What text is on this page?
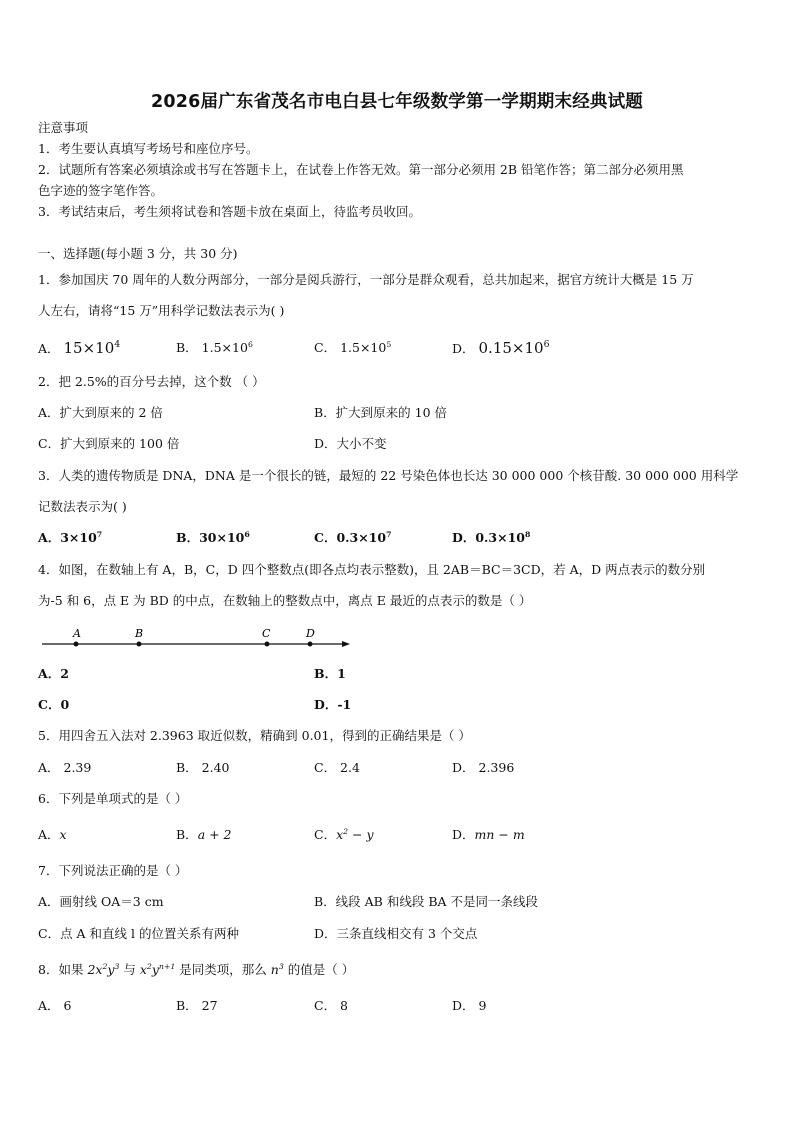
2026届广东省茂名市电白县七年级数学第一学期期末经典试题
注意事项
1．考生要认真填写考场号和座位序号。
2．试题所有答案必须填涂或书写在答题卡上，在试卷上作答无效。第一部分必须用 2B 铅笔作答；第二部分必须用黑
色字迹的签字笔作答。
3．考试结束后，考生须将试卷和答题卡放在桌面上，待监考员收回。
一、选择题(每小题 3 分，共 30 分)
1．参加国庆 70 周年的人数分两部分，一部分是阅兵游行，一部分是群众观看，总共加起来，据官方统计大概是 15 万
人左右，请将“15 万”用科学记数法表示为( )
A． $15\times 10^4$	B． $1.5\times 10^6$	C． $1.5\times 10^5$	D． $0.15\times 10^6$
2．把 2.5%的百分号去掉，这个数 （ ）
A．扩大到原来的 2 倍	B．扩大到原来的 10 倍
C．扩大到原来的 100 倍	D．大小不变
3．人类的遗传物质是 DNA，DNA 是一个很长的链，最短的 22 号染色体也长达 30 000 000 个核苷酸. 30 000 000 用科学
记数法表示为( )
A．$3\times 10^7$	B．$30\times 10^6$	C．$0.3\times 10^7$	D．$0.3\times 10^8$
4．如图，在数轴上有 A，B，C，D 四个整数点(即各点均表示整数)，且 2AB＝BC＝3CD，若 A，D 两点表示的数分别
为-5 和 6，点 E 为 BD 的中点，在数轴上的整数点中，离点 E 最近的点表示的数是（ ）
A	B	C	D
A．2	B．1
C．0	D．-1
5．用四舍五入法对 2.3963 取近似数，精确到 0.01，得到的正确结果是（ ）
A． 2.39	B． 2.40	C． 2.4	D． 2.396
6．下列是单项式的是（ ）
A．x	B．a + 2	C．$x^2 - y$	D．mn − m
7．下列说法正确的是（ ）
A．画射线 OA＝3 cm	B．线段 AB 和线段 BA 不是同一条线段
C．点 A 和直线 l 的位置关系有两种	D．三条直线相交有 3 个交点
8．如果 $2x^2y^3$ 与 $x^2y^{n+1}$ 是同类项，那么 $n^3$ 的值是（ ）
A． 6	B． 27	C． 8	D． 9
